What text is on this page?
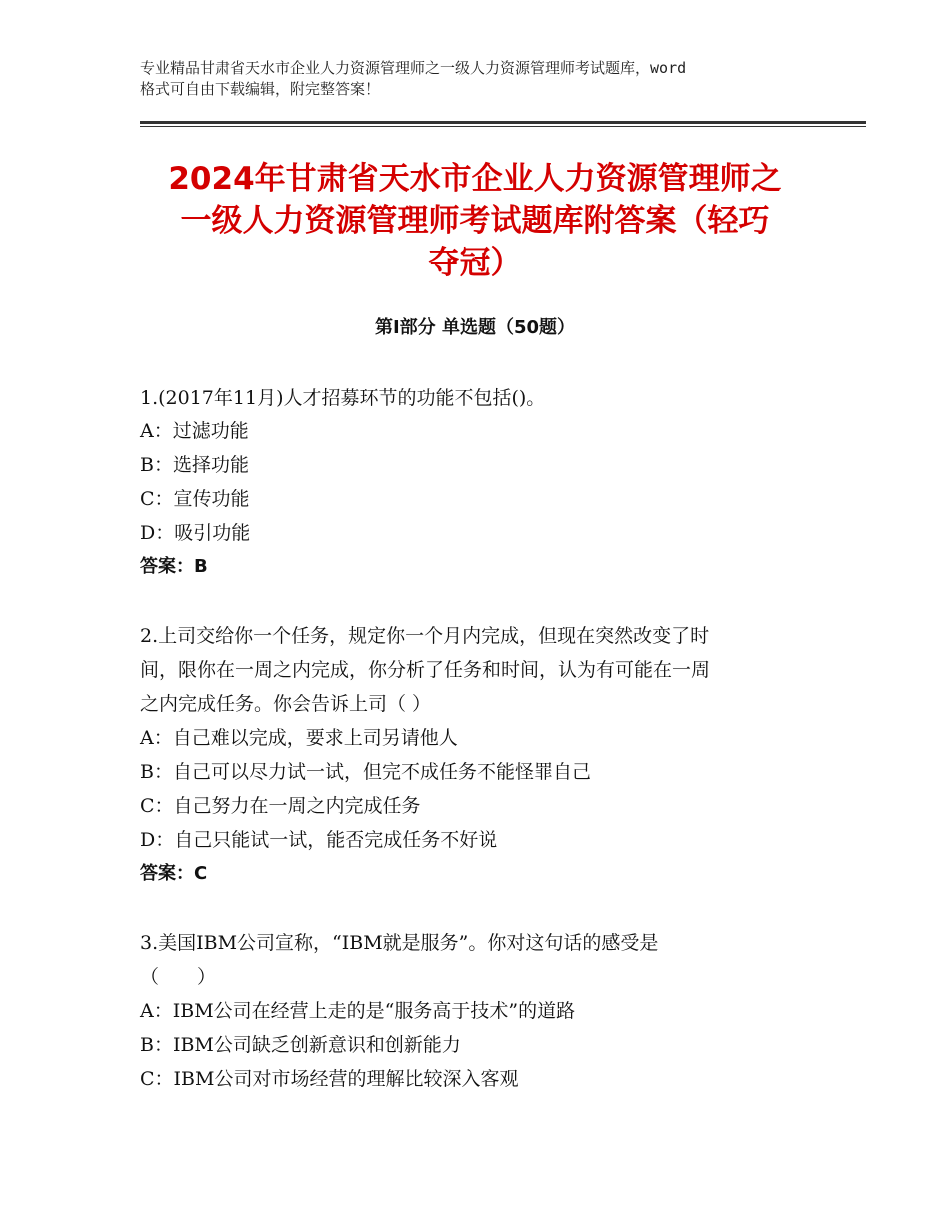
专业精品甘肃省天水市企业人力资源管理师之一级人力资源管理师考试题库，word
格式可自由下载编辑，附完整答案！
2024年甘肃省天水市企业人力资源管理师之
一级人力资源管理师考试题库附答案（轻巧
夺冠）
第Ⅰ部分 单选题（50题）
1.(2017年11月)人才招募环节的功能不包括()。
A：过滤功能
B：选择功能
C：宣传功能
D：吸引功能
答案：B
2.上司交给你一个任务，规定你一个月内完成，但现在突然改变了时
间，限你在一周之内完成，你分析了任务和时间，认为有可能在一周
之内完成任务。你会告诉上司（ ）
A：自己难以完成，要求上司另请他人
B：自己可以尽力试一试，但完不成任务不能怪罪自己
C：自己努力在一周之内完成任务
D：自己只能试一试，能否完成任务不好说
答案：C
3.美国IBM公司宣称，“IBM就是服务”。你对这句话的感受是
（　　）
A：IBM公司在经营上走的是“服务高于技术”的道路
B：IBM公司缺乏创新意识和创新能力
C：IBM公司对市场经营的理解比较深入客观
